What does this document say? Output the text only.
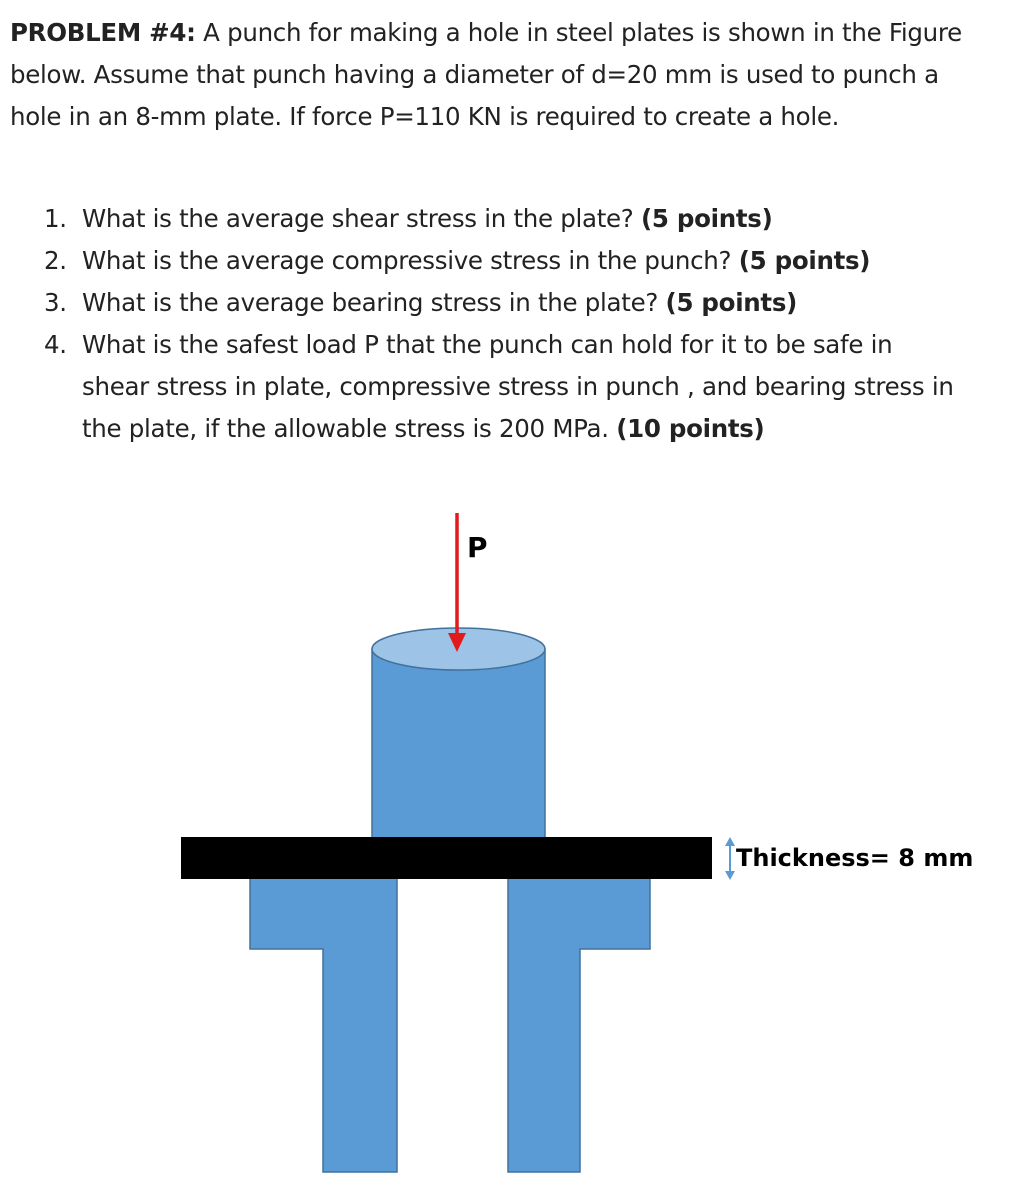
PROBLEM #4: A punch for making a hole in steel plates is shown in the Figure below. Assume that punch having a diameter of d=20 mm is used to punch a hole in an 8-mm plate. If force P=110 KN is required to create a hole.
1. What is the average shear stress in the plate? (5 points)
2. What is the average compressive stress in the punch? (5 points)
3. What is the average bearing stress in the plate? (5 points)
4. What is the safest load P that the punch can hold for it to be safe in shear stress in plate, compressive stress in punch , and bearing stress in the plate, if the allowable stress is 200 MPa. (10 points)
P
Thickness= 8 mm
